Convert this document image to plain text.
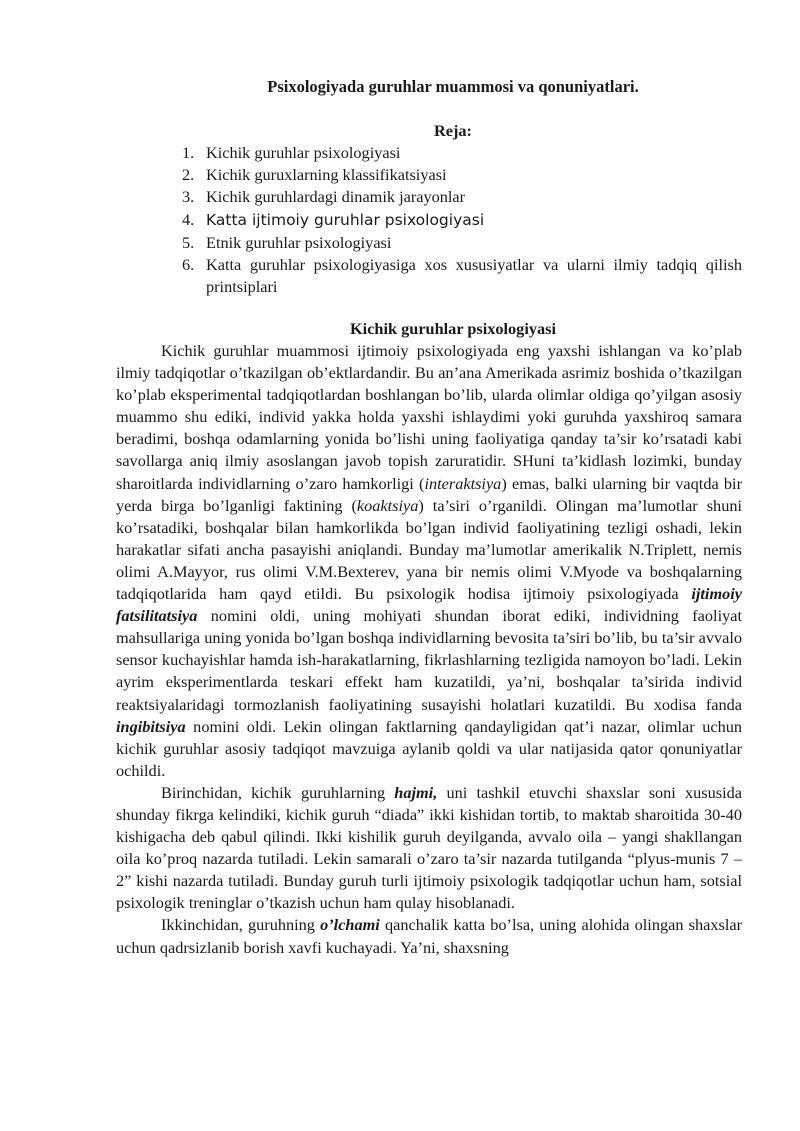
Psixologiyada guruhlar muammosi va qonuniyatlari.
Reja:
1. Kichik guruhlar psixologiyasi
2. Kichik guruxlarning klassifikatsiyasi
3. Kichik guruhlardagi dinamik jarayonlar
4. Katta ijtimoiy guruhlar psixologiyasi
5. Etnik guruhlar psixologiyasi
6. Katta guruhlar psixologiyasiga xos xususiyatlar va ularni ilmiy tadqiq qilish printsiplari
Kichik guruhlar psixologiyasi

Kichik guruhlar muammosi ijtimoiy psixologiyada eng yaxshi ishlangan va ko’plab ilmiy tadqiqotlar o’tkazilgan ob’ektlardandir. Bu an’ana Amerikada asrimiz boshida o’tkazilgan ko’plab eksperimental tadqiqotlardan boshlangan bo’lib, ularda olimlar oldiga qo’yilgan asosiy muammo shu ediki, individ yakka holda yaxshi ishlaydimi yoki guruhda yaxshiroq samara beradimi, boshqa odamlarning yonida bo’lishi uning faoliyatiga qanday ta’sir ko’rsatadi kabi savollarga aniq ilmiy asoslangan javob topish zaruratidir. SHuni ta’kidlash lozimki, bunday sharoitlarda individlarning o’zaro hamkorligi (interaktsiya) emas, balki ularning bir vaqtda bir yerda birga bo’lganligi faktining (koaktsiya) ta’siri o’rganildi. Olingan ma’lumotlar shuni ko’rsatadiki, boshqalar bilan hamkorlikda bo’lgan individ faoliyatining tezligi oshadi, lekin harakatlar sifati ancha pasayishi aniqlandi. Bunday ma’lumotlar amerikalik N.Triplett, nemis olimi A.Mayyor, rus olimi V.M.Bexterev, yana bir nemis olimi V.Myode va boshqalarning tadqiqotlarida ham qayd etildi. Bu psixologik hodisa ijtimoiy psixologiyada ijtimoiy fatsilitatsiya nomini oldi, uning mohiyati shundan iborat ediki, individning faoliyat mahsullariga uning yonida bo’lgan boshqa individlarning bevosita ta’siri bo’lib, bu ta’sir avvalo sensor kuchayishlar hamda ish-harakatlarning, fikrlashlarning tezligida namoyon bo’ladi. Lekin ayrim eksperimentlarda teskari effekt ham kuzatildi, ya’ni, boshqalar ta’sirida individ reaktsiyalaridagi tormozlanish faoliyatining susayishi holatlari kuzatildi. Bu xodisa fanda ingibitsiya nomini oldi. Lekin olingan faktlarning qandayligidan qat’i nazar, olimlar uchun kichik guruhlar asosiy tadqiqot mavzuiga aylanib qoldi va ular natijasida qator qonuniyatlar ochildi.

Birinchidan, kichik guruhlarning hajmi, uni tashkil etuvchi shaxslar soni xususida shunday fikrga kelindiki, kichik guruh “diada” ikki kishidan tortib, to maktab sharoitida 30-40 kishigacha deb qabul qilindi. Ikki kishilik guruh deyilganda, avvalo oila – yangi shakllangan oila ko’proq nazarda tutiladi. Lekin samarali o’zaro ta’sir nazarda tutilganda “plyus-munis 7 – 2” kishi nazarda tutiladi. Bunday guruh turli ijtimoiy psixologik tadqiqotlar uchun ham, sotsial psixologik treninglar o’tkazish uchun ham qulay hisoblanadi.

Ikkinchidan, guruhning o’lchami qanchalik katta bo’lsa, uning alohida olingan shaxslar uchun qadrsizlanib borish xavfi kuchayadi. Ya’ni, shaxsning
